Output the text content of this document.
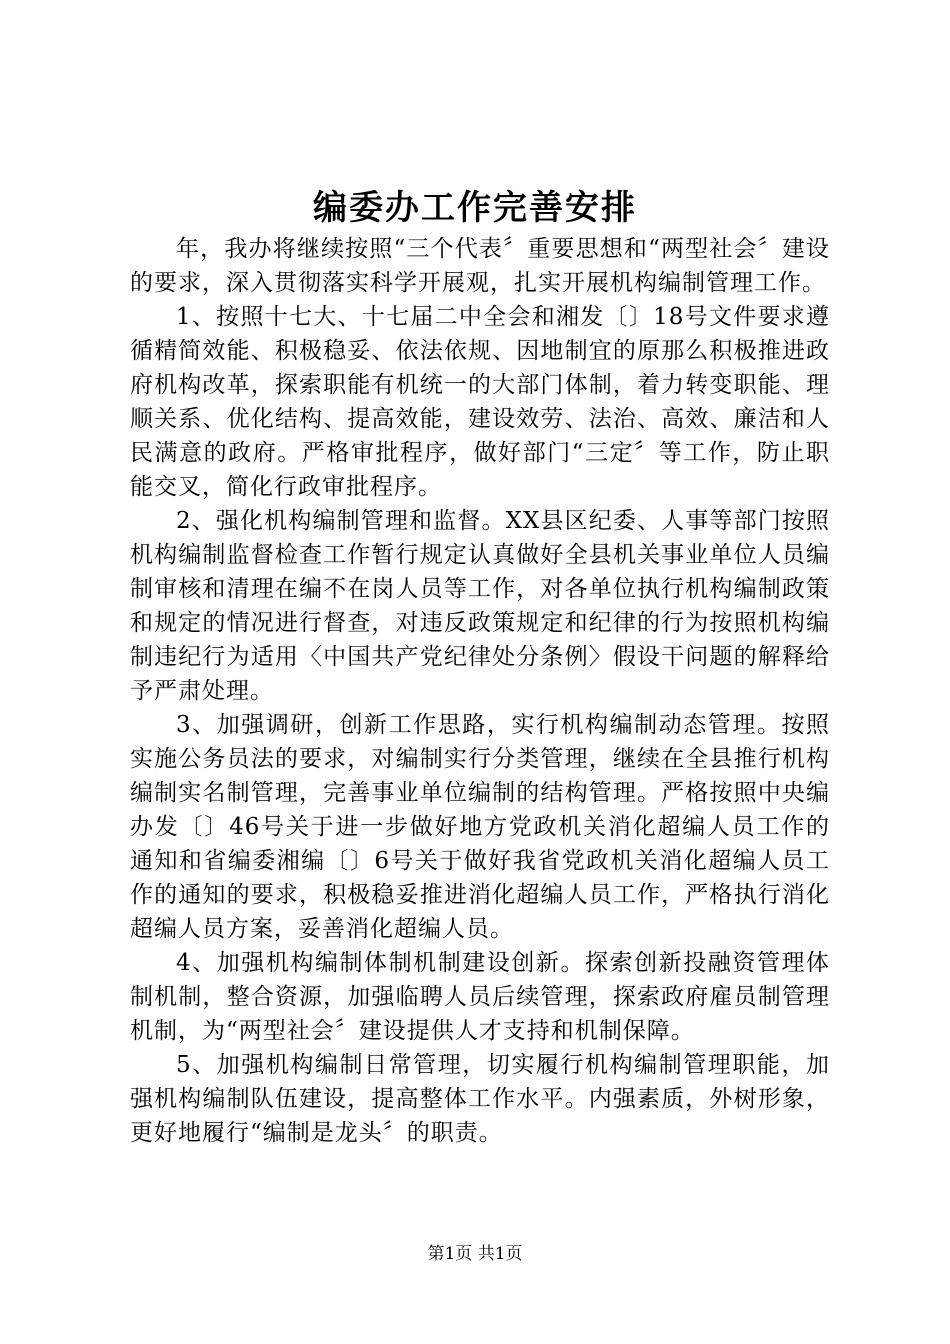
编委办工作完善安排

年，我办将继续按照“三个代表〞重要思想和“两型社会〞建设的要求，深入贯彻落实科学开展观，扎实开展机构编制管理工作。

1、按照十七大、十七届二中全会和湘发〔〕18号文件要求遵循精简效能、积极稳妥、依法依规、因地制宜的原那么积极推进政府机构改革，探索职能有机统一的大部门体制，着力转变职能、理顺关系、优化结构、提高效能，建设效劳、法治、高效、廉洁和人民满意的政府。严格审批程序，做好部门“三定〞等工作，防止职能交叉，简化行政审批程序。

2、强化机构编制管理和监督。XX县区纪委、人事等部门按照机构编制监督检查工作暂行规定认真做好全县机关事业单位人员编制审核和清理在编不在岗人员等工作，对各单位执行机构编制政策和规定的情况进行督查，对违反政策规定和纪律的行为按照机构编制违纪行为适用〈中国共产党纪律处分条例〉假设干问题的解释给予严肃处理。

3、加强调研，创新工作思路，实行机构编制动态管理。按照实施公务员法的要求，对编制实行分类管理，继续在全县推行机构编制实名制管理，完善事业单位编制的结构管理。严格按照中央编办发〔〕46号关于进一步做好地方党政机关消化超编人员工作的通知和省编委湘编〔〕6号关于做好我省党政机关消化超编人员工作的通知的要求，积极稳妥推进消化超编人员工作，严格执行消化超编人员方案，妥善消化超编人员。

4、加强机构编制体制机制建设创新。探索创新投融资管理体制机制，整合资源，加强临聘人员后续管理，探索政府雇员制管理机制，为“两型社会〞建设提供人才支持和机制保障。

5、加强机构编制日常管理，切实履行机构编制管理职能，加强机构编制队伍建设，提高整体工作水平。内强素质，外树形象，更好地履行“编制是龙头〞的职责。

第1页 共1页
